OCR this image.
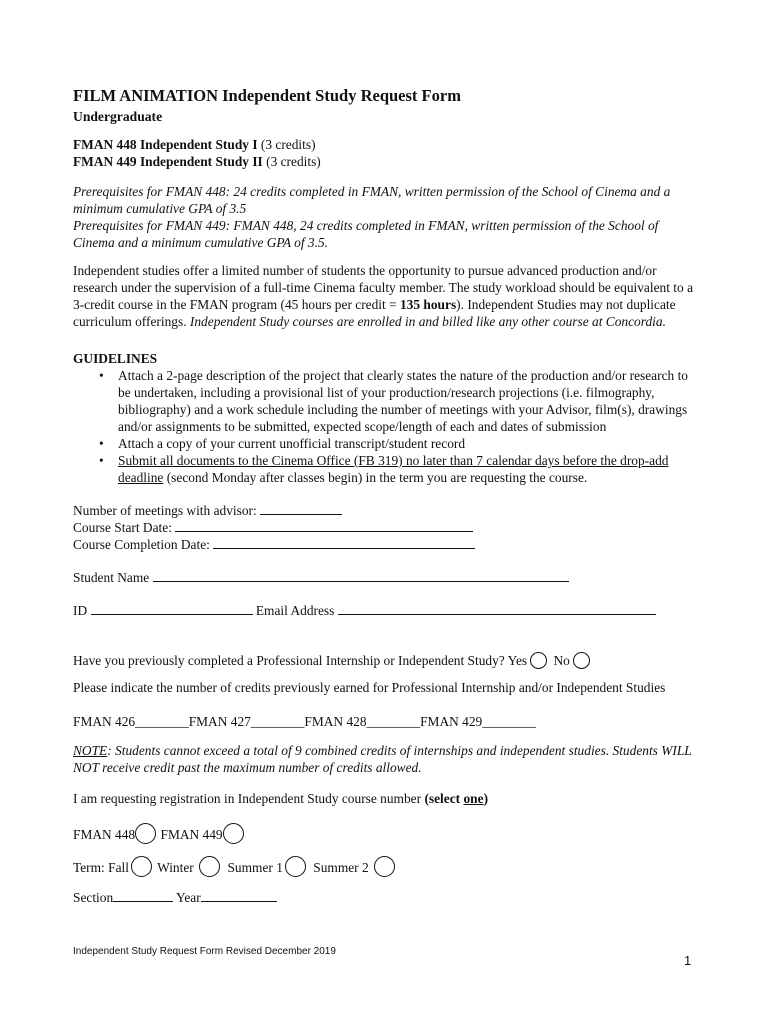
FILM ANIMATION Independent Study Request Form
Undergraduate
FMAN 448 Independent Study I (3 credits)
FMAN 449 Independent Study II (3 credits)
Prerequisites for FMAN 448: 24 credits completed in FMAN, written permission of the School of Cinema and a minimum cumulative GPA of 3.5
Prerequisites for FMAN 449: FMAN 448, 24 credits completed in FMAN, written permission of the School of Cinema and a minimum cumulative GPA of 3.5.
Independent studies offer a limited number of students the opportunity to pursue advanced production and/or research under the supervision of a full-time Cinema faculty member. The study workload should be equivalent to a 3-credit course in the FMAN program (45 hours per credit = 135 hours). Independent Studies may not duplicate curriculum offerings. Independent Study courses are enrolled in and billed like any other course at Concordia.
GUIDELINES
• Attach a 2-page description of the project that clearly states the nature of the production and/or research to be undertaken, including a provisional list of your production/research projections (i.e. filmography, bibliography) and a work schedule including the number of meetings with your Advisor, film(s), drawings and/or assignments to be submitted, expected scope/length of each and dates of submission
• Attach a copy of your current unofficial transcript/student record
• Submit all documents to the Cinema Office (FB 319) no later than 7 calendar days before the drop-add deadline (second Monday after classes begin) in the term you are requesting the course.
Number of meetings with advisor:
Course Start Date:
Course Completion Date:
Student Name
ID	Email Address
Have you previously completed a Professional Internship or Independent Study? Yes No
Please indicate the number of credits previously earned for Professional Internship and/or Independent Studies
FMAN 426________FMAN 427________FMAN 428________FMAN 429________
NOTE: Students cannot exceed a total of 9 combined credits of internships and independent studies. Students WILL NOT receive credit past the maximum number of credits allowed.
I am requesting registration in Independent Study course number (select one)
FMAN 448 FMAN 449
Term: Fall Winter	Summer 1 Summer 2
Section	Year
Independent Study Request Form Revised December 2019
1
